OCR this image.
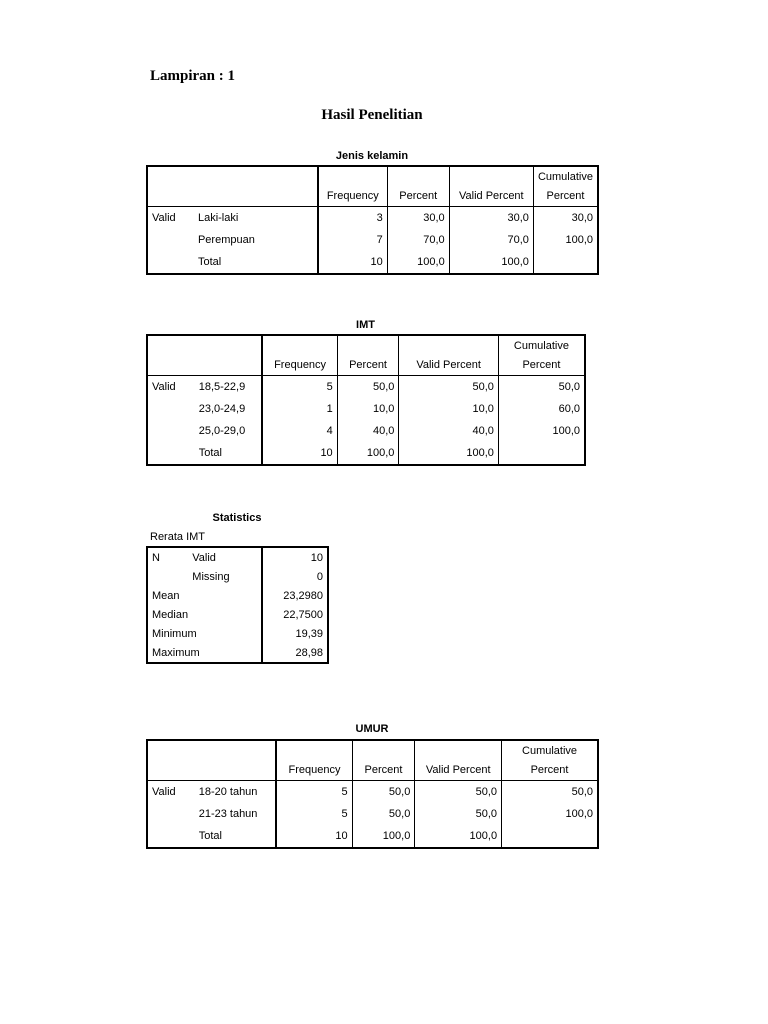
Lampiran : 1
Hasil Penelitian
Jenis kelamin
					Cumulative
		Frequency	Percent	Valid Percent	Percent
Valid	Laki-laki	3	30,0	30,0	30,0
	Perempuan	7	70,0	70,0	100,0
	Total	10	100,0	100,0	
IMT
					Cumulative
		Frequency	Percent	Valid Percent	Percent
Valid	18,5-22,9	5	50,0	50,0	50,0
	23,0-24,9	1	10,0	10,0	60,0
	25,0-29,0	4	40,0	40,0	100,0
	Total	10	100,0	100,0	
Statistics
Rerata IMT
N	Valid	10
	Missing	0
Mean		23,2980
Median		22,7500
Minimum		19,39
Maximum		28,98
UMUR
					Cumulative
		Frequency	Percent	Valid Percent	Percent
Valid	18-20 tahun	5	50,0	50,0	50,0
	21-23 tahun	5	50,0	50,0	100,0
	Total	10	100,0	100,0	
